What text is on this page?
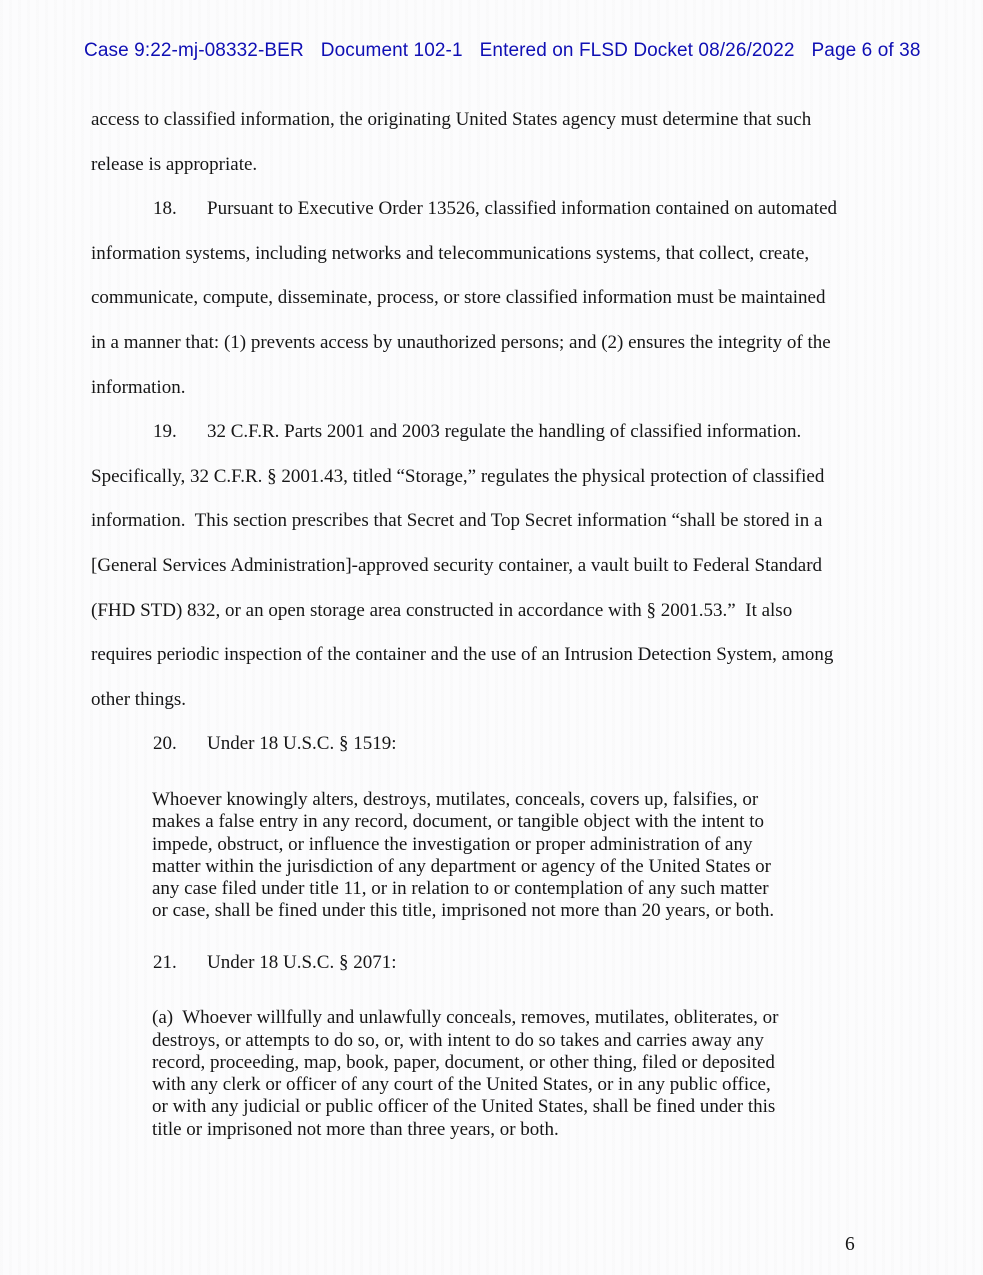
Case 9:22-mj-08332-BER Document 102-1 Entered on FLSD Docket 08/26/2022 Page 6 of 38

access to classified information, the originating United States agency must determine that such
release is appropriate.
18. Pursuant to Executive Order 13526, classified information contained on automated
information systems, including networks and telecommunications systems, that collect, create,
communicate, compute, disseminate, process, or store classified information must be maintained
in a manner that: (1) prevents access by unauthorized persons; and (2) ensures the integrity of the
information.
19. 32 C.F.R. Parts 2001 and 2003 regulate the handling of classified information.
Specifically, 32 C.F.R. § 2001.43, titled “Storage,” regulates the physical protection of classified
information.  This section prescribes that Secret and Top Secret information “shall be stored in a
[General Services Administration]-approved security container, a vault built to Federal Standard
(FHD STD) 832, or an open storage area constructed in accordance with § 2001.53.”  It also
requires periodic inspection of the container and the use of an Intrusion Detection System, among
other things.
20. Under 18 U.S.C. § 1519:
Whoever knowingly alters, destroys, mutilates, conceals, covers up, falsifies, or
makes a false entry in any record, document, or tangible object with the intent to
impede, obstruct, or influence the investigation or proper administration of any
matter within the jurisdiction of any department or agency of the United States or
any case filed under title 11, or in relation to or contemplation of any such matter
or case, shall be fined under this title, imprisoned not more than 20 years, or both.
21. Under 18 U.S.C. § 2071:
(a)  Whoever willfully and unlawfully conceals, removes, mutilates, obliterates, or
destroys, or attempts to do so, or, with intent to do so takes and carries away any
record, proceeding, map, book, paper, document, or other thing, filed or deposited
with any clerk or officer of any court of the United States, or in any public office,
or with any judicial or public officer of the United States, shall be fined under this
title or imprisoned not more than three years, or both.
6
